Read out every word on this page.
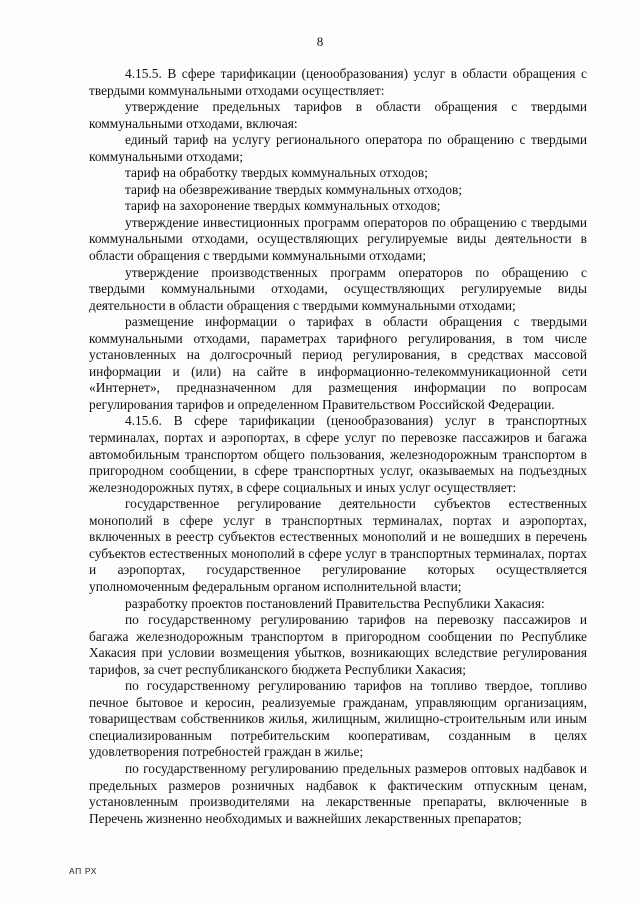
8

4.15.5. В сфере тарификации (ценообразования) услуг в области обращения с твердыми коммунальными отходами осуществляет:

утверждение предельных тарифов в области обращения с твердыми коммунальными отходами, включая:

единый тариф на услугу регионального оператора по обращению с твердыми коммунальными отходами;

тариф на обработку твердых коммунальных отходов;

тариф на обезвреживание твердых коммунальных отходов;

тариф на захоронение твердых коммунальных отходов;

утверждение инвестиционных программ операторов по обращению с твердыми коммунальными отходами, осуществляющих регулируемые виды деятельности в области обращения с твердыми коммунальными отходами;

утверждение производственных программ операторов по обращению с твердыми коммунальными отходами, осуществляющих регулируемые виды деятельности в области обращения с твердыми коммунальными отходами;

размещение информации о тарифах в области обращения с твердыми коммунальными отходами, параметрах тарифного регулирования, в том числе установленных на долгосрочный период регулирования, в средствах массовой информации и (или) на сайте в информационно-телекоммуникационной сети «Интернет», предназначенном для размещения информации по вопросам регулирования тарифов и определенном Правительством Российской Федерации.

4.15.6. В сфере тарификации (ценообразования) услуг в транспортных терминалах, портах и аэропортах, в сфере услуг по перевозке пассажиров и багажа автомобильным транспортом общего пользования, железнодорожным транспортом в пригородном сообщении, в сфере транспортных услуг, оказываемых на подъездных железнодорожных путях, в сфере социальных и иных услуг осуществляет:

государственное регулирование деятельности субъектов естественных монополий в сфере услуг в транспортных терминалах, портах и аэропортах, включенных в реестр субъектов естественных монополий и не вошедших в перечень субъектов естественных монополий в сфере услуг в транспортных терминалах, портах и аэропортах, государственное регулирование которых осуществляется уполномоченным федеральным органом исполнительной власти;

разработку проектов постановлений Правительства Республики Хакасия:

по государственному регулированию тарифов на перевозку пассажиров и багажа железнодорожным транспортом в пригородном сообщении по Республике Хакасия при условии возмещения убытков, возникающих вследствие регулирования тарифов, за счет республиканского бюджета Республики Хакасия;

по государственному регулированию тарифов на топливо твердое, топливо печное бытовое и керосин, реализуемые гражданам, управляющим организациям, товариществам собственников жилья, жилищным, жилищно-строительным или иным специализированным потребительским кооперативам, созданным в целях удовлетворения потребностей граждан в жилье;

по государственному регулированию предельных размеров оптовых надбавок и предельных размеров розничных надбавок к фактическим отпускным ценам, установленным производителями на лекарственные препараты, включенные в Перечень жизненно необходимых и важнейших лекарственных препаратов;

АП РХ
